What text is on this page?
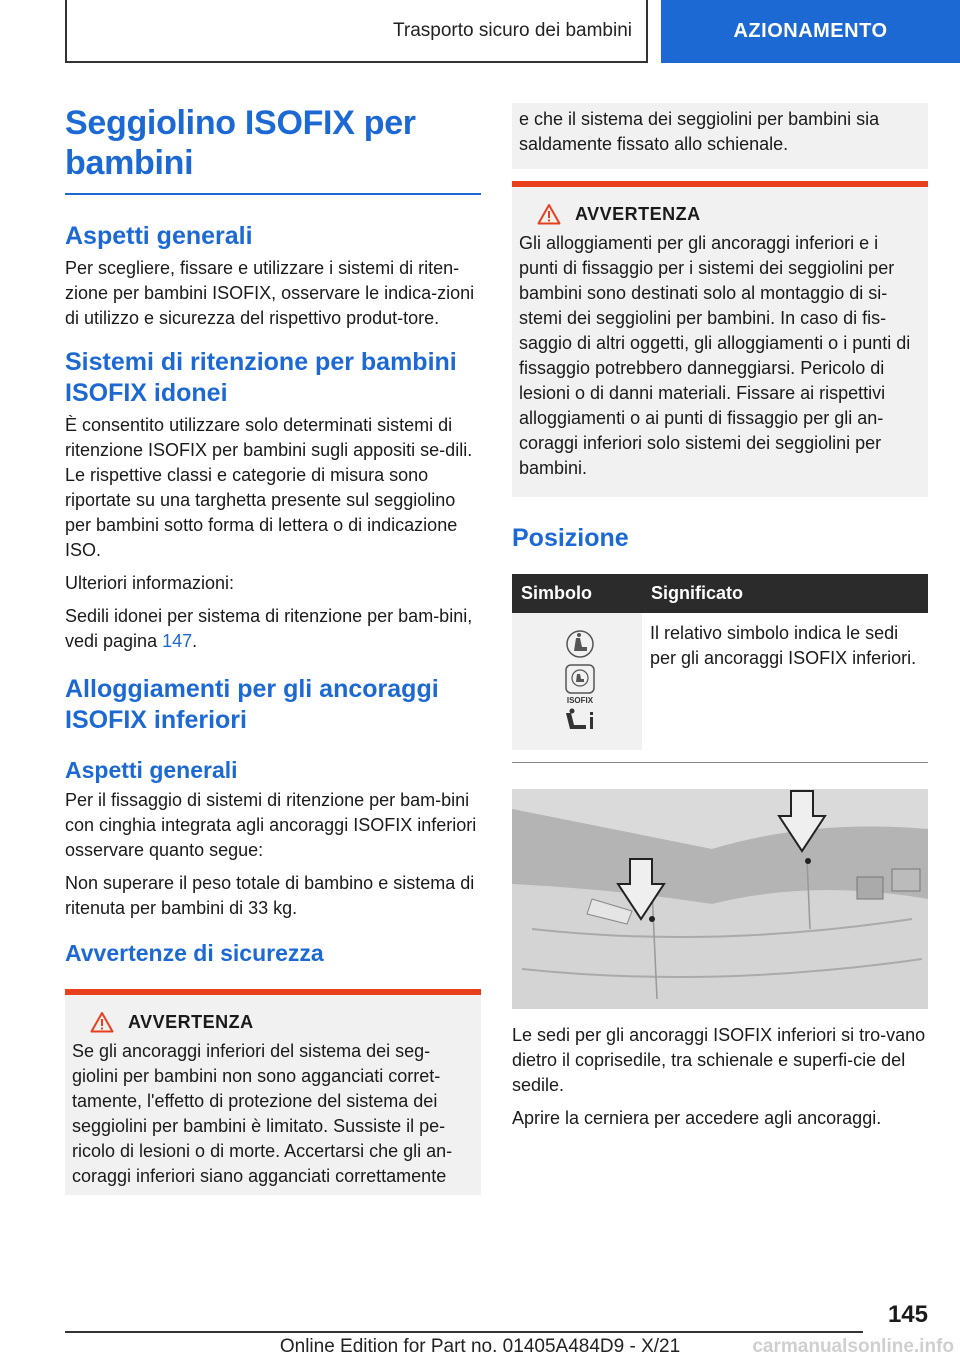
Trasporto sicuro dei bambini	AZIONAMENTO
Seggiolino ISOFIX per bambini
Aspetti generali

Per scegliere, fissare e utilizzare i sistemi di riten-zione per bambini ISOFIX, osservare le indica-zioni di utilizzo e sicurezza del rispettivo produt-tore.

Sistemi di ritenzione per bambini ISOFIX idonei

È consentito utilizzare solo determinati sistemi di ritenzione ISOFIX per bambini sugli appositi se-dili. Le rispettive classi e categorie di misura sono riportate su una targhetta presente sul seggiolino per bambini sotto forma di lettera o di indicazione ISO.

Ulteriori informazioni:

Sedili idonei per sistema di ritenzione per bam-bini, vedi pagina 147.

Alloggiamenti per gli ancoraggi ISOFIX inferiori
Aspetti generali

Per il fissaggio di sistemi di ritenzione per bam-bini con cinghia integrata agli ancoraggi ISOFIX inferiori osservare quanto segue:

Non superare il peso totale di bambino e sistema di ritenuta per bambini di 33 kg.

Avvertenze di sicurezza
AVVERTENZA

Se gli ancoraggi inferiori del sistema dei seg-giolini per bambini non sono agganciati corret-tamente, l'effetto di protezione del sistema dei seggiolini per bambini è limitato. Sussiste il pe-ricolo di lesioni o di morte. Accertarsi che gli an-coraggi inferiori siano agganciati correttamente

e che il sistema dei seggiolini per bambini sia saldamente fissato allo schienale.

AVVERTENZA

Gli alloggiamenti per gli ancoraggi inferiori e i punti di fissaggio per i sistemi dei seggiolini per bambini sono destinati solo al montaggio di si-stemi dei seggiolini per bambini. In caso di fis-saggio di altri oggetti, gli alloggiamenti o i punti di fissaggio potrebbero danneggiarsi. Pericolo di lesioni o di danni materiali. Fissare ai rispettivi alloggiamenti o ai punti di fissaggio per gli an-coraggi inferiori solo sistemi dei seggiolini per bambini.

Posizione
Simbolo	Significato

ISOFIX	Il relativo simbolo indica le sedi per gli ancoraggi ISOFIX inferiori.

Le sedi per gli ancoraggi ISOFIX inferiori si tro-vano dietro il coprisedile, tra schienale e superfi-cie del sedile.

Aprire la cerniera per accedere agli ancoraggi.

145
Online Edition for Part no. 01405A484D9 - X/21	carmanualsonline.info
